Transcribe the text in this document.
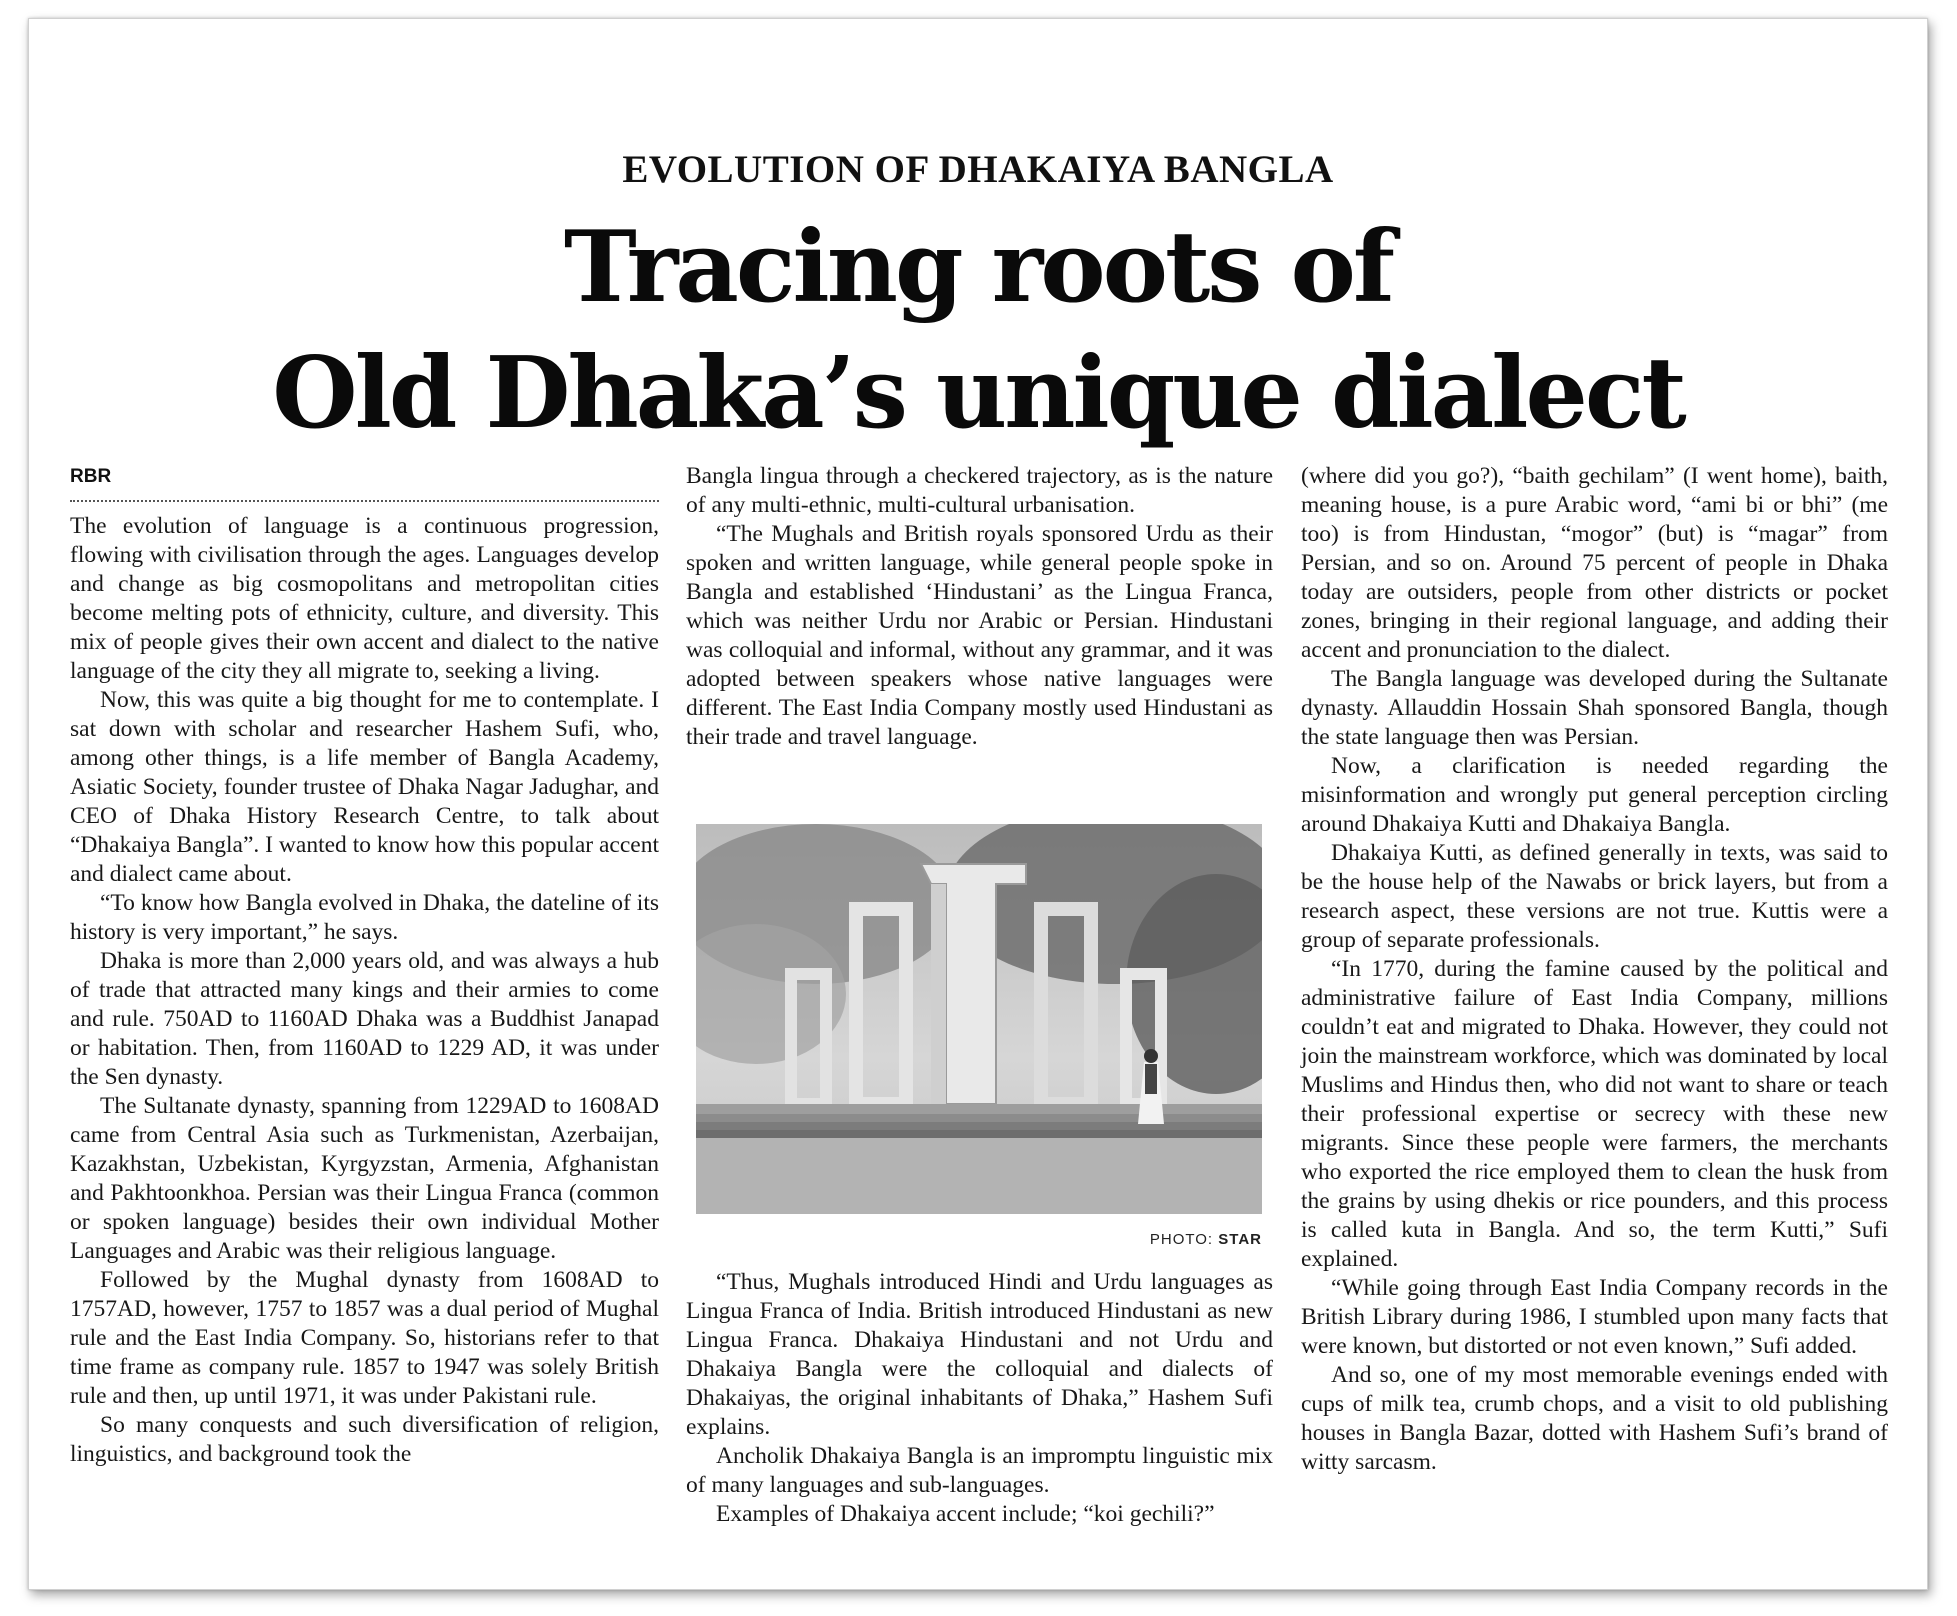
EVOLUTION OF DHAKAIYA BANGLA
Tracing roots of
Old Dhaka’s unique dialect
RBR

The evolution of language is a continuous progression, flowing with civilisation through the ages. Languages develop and change as big cosmopolitans and metropolitan cities become melting pots of ethnicity, culture, and diversity. This mix of people gives their own accent and dialect to the native language of the city they all migrate to, seeking a living.

Now, this was quite a big thought for me to contemplate. I sat down with scholar and researcher Hashem Sufi, who, among other things, is a life member of Bangla Academy, Asiatic Society, founder trustee of Dhaka Nagar Jadughar, and CEO of Dhaka History Research Centre, to talk about “Dhakaiya Bangla”. I wanted to know how this popular accent and dialect came about.

“To know how Bangla evolved in Dhaka, the dateline of its history is very important,” he says.

Dhaka is more than 2,000 years old, and was always a hub of trade that attracted many kings and their armies to come and rule. 750AD to 1160AD Dhaka was a Buddhist Janapad or habitation. Then, from 1160AD to 1229 AD, it was under the Sen dynasty.

The Sultanate dynasty, spanning from 1229AD to 1608AD came from Central Asia such as Turkmenistan, Azerbaijan, Kazakhstan, Uzbekistan, Kyrgyzstan, Armenia, Afghanistan and Pakhtoonkhoa. Persian was their Lingua Franca (common or spoken language) besides their own individual Mother Languages and Arabic was their religious language.

Followed by the Mughal dynasty from 1608AD to 1757AD, however, 1757 to 1857 was a dual period of Mughal rule and the East India Company. So, historians refer to that time frame as company rule. 1857 to 1947 was solely British rule and then, up until 1971, it was under Pakistani rule.

So many conquests and such diversification of religion, linguistics, and background took the

Bangla lingua through a checkered trajectory, as is the nature of any multi-ethnic, multi-cultural urbanisation.

“The Mughals and British royals sponsored Urdu as their spoken and written language, while general people spoke in Bangla and established ‘Hindustani’ as the Lingua Franca, which was neither Urdu nor Arabic or Persian. Hindustani was colloquial and informal, without any grammar, and it was adopted between speakers whose native languages were different. The East India Company mostly used Hindustani as their trade and travel language.

PHOTO: STAR

“Thus, Mughals introduced Hindi and Urdu languages as Lingua Franca of India. British introduced Hindustani as new Lingua Franca. Dhakaiya Hindustani and not Urdu and Dhakaiya Bangla were the colloquial and dialects of Dhakaiyas, the original inhabitants of Dhaka,” Hashem Sufi explains.

Ancholik Dhakaiya Bangla is an impromptu linguistic mix of many languages and sub-languages.

Examples of Dhakaiya accent include; “koi gechili?”

(where did you go?), “baith gechilam” (I went home), baith, meaning house, is a pure Arabic word, “ami bi or bhi” (me too) is from Hindustan, “mogor” (but) is “magar” from Persian, and so on. Around 75 percent of people in Dhaka today are outsiders, people from other districts or pocket zones, bringing in their regional language, and adding their accent and pronunciation to the dialect.

The Bangla language was developed during the Sultanate dynasty. Allauddin Hossain Shah sponsored Bangla, though the state language then was Persian.

Now, a clarification is needed regarding the misinformation and wrongly put general perception circling around Dhakaiya Kutti and Dhakaiya Bangla.

Dhakaiya Kutti, as defined generally in texts, was said to be the house help of the Nawabs or brick layers, but from a research aspect, these versions are not true. Kuttis were a group of separate professionals.

“In 1770, during the famine caused by the political and administrative failure of East India Company, millions couldn’t eat and migrated to Dhaka. However, they could not join the mainstream workforce, which was dominated by local Muslims and Hindus then, who did not want to share or teach their professional expertise or secrecy with these new migrants. Since these people were farmers, the merchants who exported the rice employed them to clean the husk from the grains by using dhekis or rice pounders, and this process is called kuta in Bangla. And so, the term Kutti,” Sufi explained.

“While going through East India Company records in the British Library during 1986, I stumbled upon many facts that were known, but distorted or not even known,” Sufi added.

And so, one of my most memorable evenings ended with cups of milk tea, crumb chops, and a visit to old publishing houses in Bangla Bazar, dotted with Hashem Sufi’s brand of witty sarcasm.
